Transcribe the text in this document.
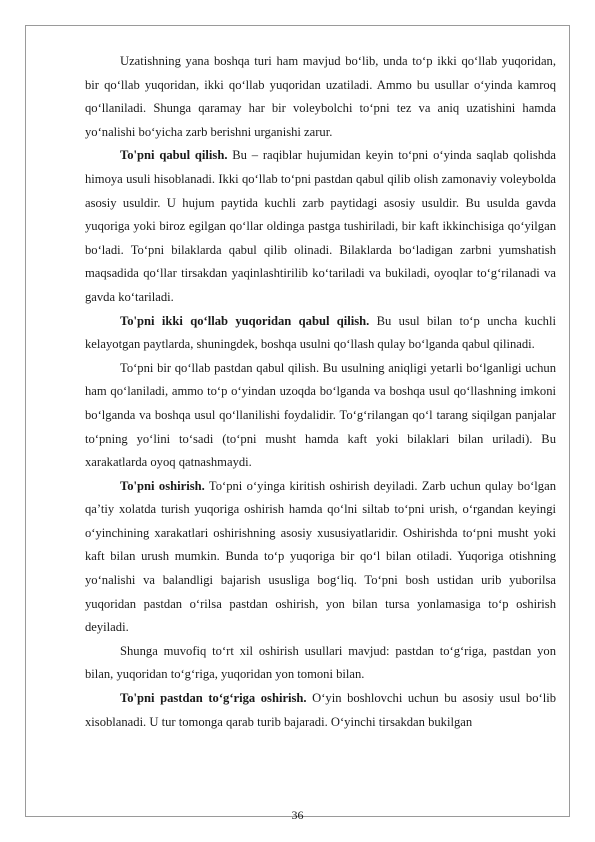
Uzatishning yana boshqa turi ham mavjud bo‘lib, unda to‘p ikki qo‘llab yuqoridan, bir qo‘llab yuqoridan, ikki qo‘llab yuqoridan uzatiladi. Ammo bu usullar o‘yinda kamroq qo‘llaniladi. Shunga qaramay har bir voleybolchi to‘pni tez va aniq uzatishini hamda yo‘nalishi bo‘yicha zarb berishni urganishi zarur.

To'pni qabul qilish. Bu – raqiblar hujumidan keyin to‘pni o‘yinda saqlab qolishda himoya usuli hisoblanadi. Ikki qo‘llab to‘pni pastdan qabul qilib olish zamonaviy voleybolda asosiy usuldir. U hujum paytida kuchli zarb paytidagi asosiy usuldir. Bu usulda gavda yuqoriga yoki biroz egilgan qo‘llar oldinga pastga tushiriladi, bir kaft ikkinchisiga qo‘yilgan bo‘ladi. To‘pni bilaklarda qabul qilib olinadi. Bilaklarda bo‘ladigan zarbni yumshatish maqsadida qo‘llar tirsakdan yaqinlashtirilib ko‘tariladi va bukiladi, oyoqlar to‘g‘rilanadi va gavda ko‘tariladi.

To'pni ikki qo‘llab yuqoridan qabul qilish. Bu usul bilan to‘p uncha kuchli kelayotgan paytlarda, shuningdek, boshqa usulni qo‘llash qulay bo‘lganda qabul qilinadi.

To‘pni bir qo‘llab pastdan qabul qilish. Bu usulning aniqligi yetarli bo‘lganligi uchun ham qo‘laniladi, ammo to‘p o‘yindan uzoqda bo‘lganda va boshqa usul qo‘llashning imkoni bo‘lganda va boshqa usul qo‘llanilishi foydalidir. To‘g‘rilangan qo‘l tarang siqilgan panjalar to‘pning yo‘lini to‘sadi (to‘pni musht hamda kaft yoki bilaklari bilan uriladi). Bu xarakatlarda oyoq qatnashmaydi.

To'pni oshirish. To‘pni o‘yinga kiritish oshirish deyiladi. Zarb uchun qulay bo‘lgan qa’tiy xolatda turish yuqoriga oshirish hamda qo‘lni siltab to‘pni urish, o‘rgandan keyingi o‘yinchining xarakatlari oshirishning asosiy xususiyatlaridir. Oshirishda to‘pni musht yoki kaft bilan urush mumkin. Bunda to‘p yuqoriga bir qo‘l bilan otiladi. Yuqoriga otishning yo‘nalishi va balandligi bajarish ususliga bog‘liq. To‘pni bosh ustidan urib yuborilsa yuqoridan pastdan o‘rilsa pastdan oshirish, yon bilan tursa yonlamasiga to‘p oshirish deyiladi.

Shunga muvofiq to‘rt xil oshirish usullari mavjud: pastdan to‘g‘riga, pastdan yon bilan, yuqoridan to‘g‘riga, yuqoridan yon tomoni bilan.

To'pni pastdan to‘g‘riga oshirish. O‘yin boshlovchi uchun bu asosiy usul bo‘lib xisoblanadi. U tur tomonga qarab turib bajaradi. O‘yinchi tirsakdan bukilgan

36
